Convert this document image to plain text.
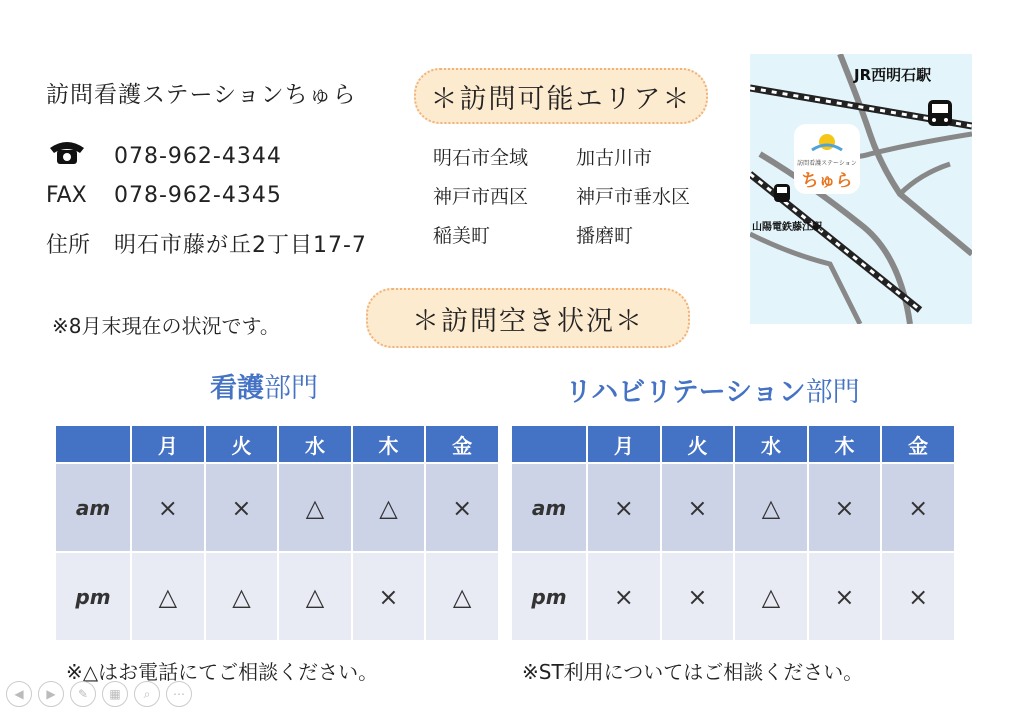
訪問看護ステーションちゅら
078-962-4344
FAX	078-962-4345
住所	明石市藤が丘2丁目17-7
＊訪問可能エリア＊
明石市全域	加古川市
神戸市西区	神戸市垂水区
稲美町	播磨町
※8月末現在の状況です。	＊訪問空き状況＊
看護部門	リハビリテーション部門
	月	火	水	木	金
am	×	×	△	△	×
pm	△	△	△	×	△
	月	火	水	木	金
am	×	×	△	×	×
pm	×	×	△	×	×
※△はお電話にてご相談ください。	※ST利用についてはご相談ください。
JR西明石駅
山陽電鉄藤江駅
訪問看護ステーション
ちゅら
◀	▶	✎	▦	⌕	⋯
